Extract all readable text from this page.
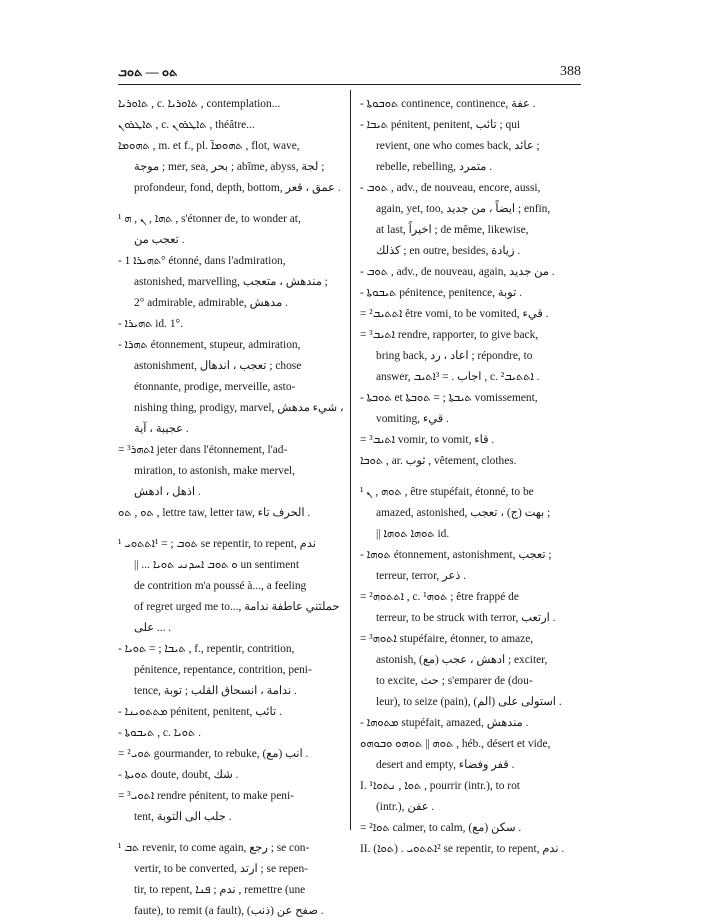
ܬܘ — ܬܘܒ	388
ܬܐܘܪܝܐ , c. ܬܐܘܪܝܐ , contemplation...
ܬܐܛܪܘܢ , c. ܬܐܛܪܘܢ , théâtre...
ܬܗܘܡܐ , m. et f., pl. ܬܗܘܡܐ̈ , flot, wave,
موجة ; mer, sea, بحر ; abîme, abyss, لجة ;
profondeur, fond, depth, bottom, عمق ، قعر .
¹ ܬܗܐ , ܢ , ܗ , s'étonner de, to wonder at,
تعجب من .
- ܬܗܝܪܐ 1° étonné, dans l'admiration,
astonished, marvelling, مندهش ، متعجب ;
2° admirable, admirable, مدهش .
- ܬܗܝܪܐ id. 1°.
- ܬܗܪܐ étonnement, stupeur, admiration,
astonishment, تعجب ، اندهال ; chose
étonnante, prodige, merveille, asto-
nishing thing, prodigy, marvel, شيء مدهش ،
عجيبة ، آية .
= ³ܐܬܗܪ jeter dans l'étonnement, l'ad-
miration, to astonish, make mervel,
اذهل ، ادهش .
ܬܘ , ܬܘ , lettre taw, letter taw, الحرف تاء .
¹ ܬܘܒ ; = ¹ܐܬܬܘܝ se repentir, to repent, ندم
|| ... ܘ ܬܘܒ ܐܚܕܢܝ ܬܘܝܐ un sentiment
de contrition m'a poussé à..., a feeling
of regret urged me to..., حملتني عاطفة ندامة
على ... .
- ܬܝܒܐ ; = ܬܘܝܐ , f., repentir, contrition,
pénitence, repentance, contrition, peni-
tence, ندامة ، انسحاق القلب ; توبة .
- ܡܬܬܘܝܢܐ pénitent, penitent, تائب .
- ܬܝܒܘܬܐ , c. ܬܘܝܐ .
= ²ܬܘܝ gourmander, to rebuke, (مع) انب .
- ܬܘܝܬܐ doute, doubt, شك .
= ³ܐܬܘܝ rendre pénitent, to make peni-
tent, جلب الى التوبة .
¹ ܬܒ revenir, to come again, رجع ; se con-
vertir, to be converted, ارتد ; se repen-
tir, to repent, ندم ; ܦܢܐ , remettre (une
faute), to remit (a fault), صفح عن (ذنب) .
- ܬܘܒܘܬܐ continence, continence, عفة .
- ܬܝܒܐ pénitent, penitent, تائب ; qui
revient, one who comes back, عائد ;
rebelle, rebelling, متمرد .
- ܬܘܒ , adv., de nouveau, encore, aussi,
again, yet, too, ايضاً ، من جديد ; enfin,
at last, اخيراً ; de même, likewise,
كذلك ; en outre, besides, زيادة .
- ܬܘܒ , adv., de nouveau, again, من جديد .
- ܬܝܒܘܬܐ pénitence, penitence, توبة .
= ²ܐܬܬܝܒ être vomi, to be vomited, قيء .
= ³ܐܬܝܒ rendre, rapporter, to give back,
bring back, اعاد ، رد ; répondre, to
answer, اجاب . = ³ܐܬܝܒ , c. ²ܐܬܬܝܒ .
- ܬܘܒܬܐ et ܬܝܒܬܐ ; = ܬܘܒܬܐ vomissement,
vomiting, قيء .
= ³ܐܬܝܒ vomir, to vomit, قاء .
ܬܘܒܐ , ar. ثوب , vêtement, clothes.
¹ ܬܘܗ , ܢ , être stupéfait, étonné, to be
amazed, astonished, بهت (ج) ، تعجب ;
|| ܬܘܗܐ ܬܘܗܐ id.
- ܬܘܗܐ étonnement, astonishment, تعجب ;
terreur, terror, ذعر .
= ²ܐܬܬܘܗ , c. ¹ܬܘܗ ; être frappé de
terreur, to be struck with terror, ارتعب .
= ³ܐܬܘܗ stupéfaire, étonner, to amaze,
astonish, (مع) ادهش ، عجب ; exciter,
to excite, حث ; s'emparer de (dou-
leur), to seize (pain), استولى على (الم) .
- ܡܬܘܗܐ stupéfait, amazed, مندهش .
ܬܘܗ || ܬܘܗܘ ܘܒܘܗܘ , héb., désert et vide,
desert and empty, قفر وفضاء .
I. ¹ܬܘܐ , ܢܬܘܐ , pourrir (intr.), to rot
(intr.), عفن .
= ²ܬܘܐ calmer, to calm, (مع) سكن .
II. (ܬܘܐ) . ²ܐܬܬܘܝ se repentir, to repent, ندم .
